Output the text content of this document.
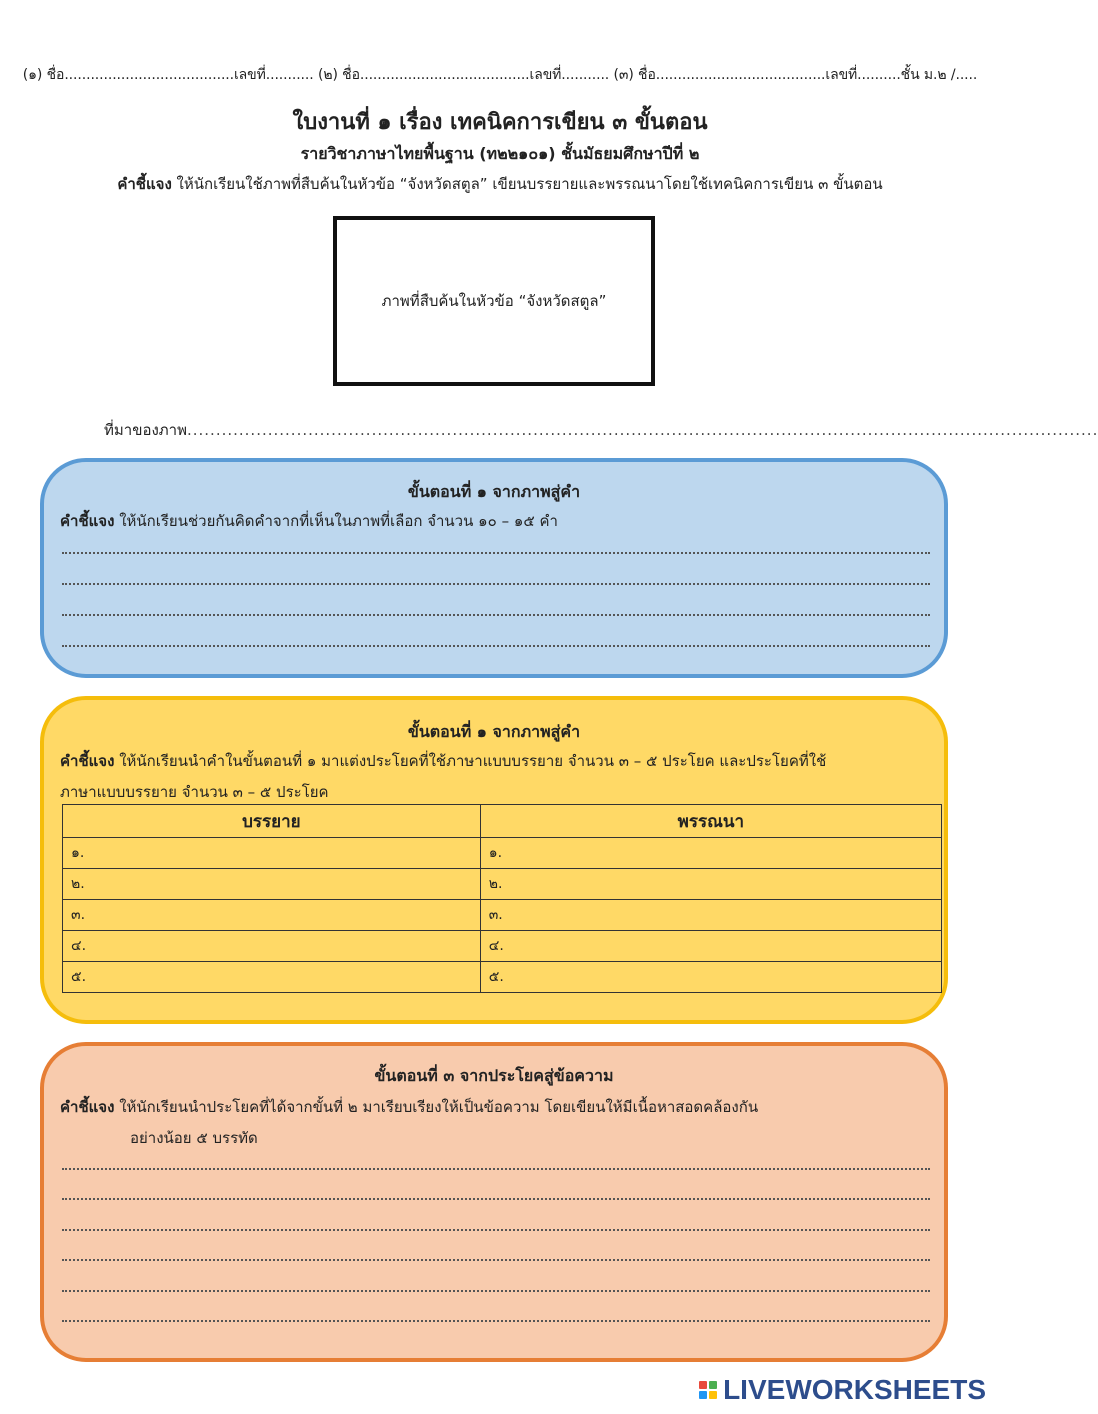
(๑) ชื่อ.......................................เลขที่........... (๒) ชื่อ.......................................เลขที่........... (๓) ชื่อ.......................................เลขที่..........ชั้น ม.๒ /.....
ใบงานที่ ๑ เรื่อง เทคนิคการเขียน ๓ ขั้นตอน
รายวิชาภาษาไทยพื้นฐาน (ท๒๒๑๐๑) ชั้นมัธยมศึกษาปีที่ ๒
คำชี้แจง ให้นักเรียนใช้ภาพที่สืบค้นในหัวข้อ “จังหวัดสตูล” เขียนบรรยายและพรรณนาโดยใช้เทคนิคการเขียน ๓ ขั้นตอน
ภาพที่สืบค้นในหัวข้อ “จังหวัดสตูล”
ที่มาของภาพ..............................................................................................................................................................
ขั้นตอนที่ ๑ จากภาพสู่คำ
คำชี้แจง ให้นักเรียนช่วยกันคิดคำจากที่เห็นในภาพที่เลือก จำนวน ๑๐ – ๑๕ คำ
ขั้นตอนที่ ๑ จากภาพสู่คำ
คำชี้แจง ให้นักเรียนนำคำในขั้นตอนที่ ๑ มาแต่งประโยคที่ใช้ภาษาแบบบรรยาย จำนวน ๓ – ๕ ประโยค และประโยคที่ใช้
ภาษาแบบบรรยาย จำนวน ๓ – ๕ ประโยค
บรรยาย	พรรณนา
๑.	๑.
๒.	๒.
๓.	๓.
๔.	๔.
๕.	๕.
ขั้นตอนที่ ๓ จากประโยคสู่ข้อความ
คำชี้แจง ให้นักเรียนนำประโยคที่ได้จากขั้นที่ ๒ มาเรียบเรียงให้เป็นข้อความ โดยเขียนให้มีเนื้อหาสอดคล้องกัน
อย่างน้อย ๕ บรรทัด
LIVEWORKSHEETS
